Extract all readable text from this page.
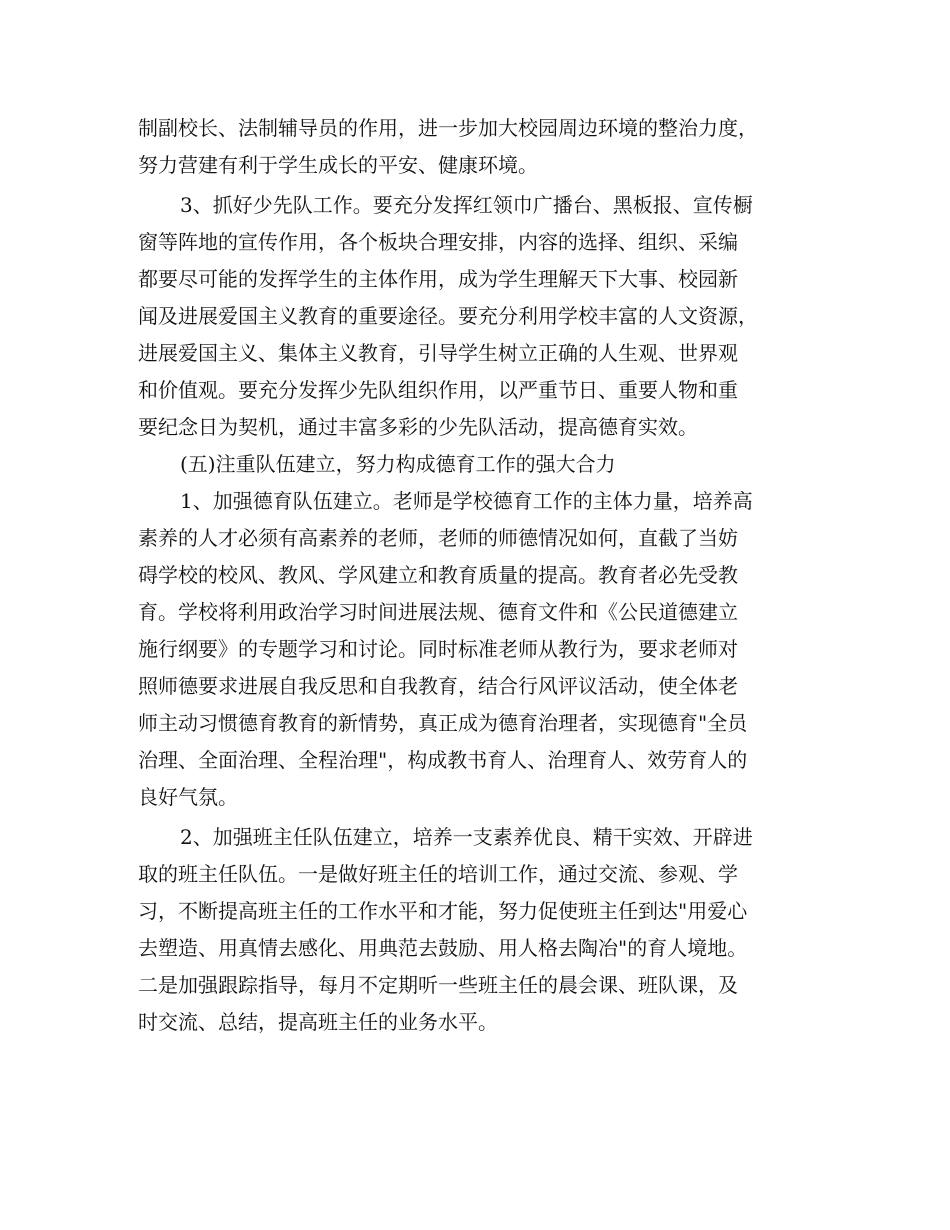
制副校长、法制辅导员的作用，进一步加大校园周边环境的整治力度，
努力营建有利于学生成长的平安、健康环境。
3、抓好少先队工作。要充分发挥红领巾广播台、黑板报、宣传橱
窗等阵地的宣传作用，各个板块合理安排，内容的选择、组织、采编
都要尽可能的发挥学生的主体作用，成为学生理解天下大事、校园新
闻及进展爱国主义教育的重要途径。要充分利用学校丰富的人文资源，
进展爱国主义、集体主义教育，引导学生树立正确的人生观、世界观
和价值观。要充分发挥少先队组织作用，以严重节日、重要人物和重
要纪念日为契机，通过丰富多彩的少先队活动，提高德育实效。
(五)注重队伍建立，努力构成德育工作的强大合力
1、加强德育队伍建立。老师是学校德育工作的主体力量，培养高
素养的人才必须有高素养的老师，老师的师德情况如何，直截了当妨
碍学校的校风、教风、学风建立和教育质量的提高。教育者必先受教
育。学校将利用政治学习时间进展法规、德育文件和《公民道德建立
施行纲要》的专题学习和讨论。同时标准老师从教行为，要求老师对
照师德要求进展自我反思和自我教育，结合行风评议活动，使全体老
师主动习惯德育教育的新情势，真正成为德育治理者，实现德育"全员
治理、全面治理、全程治理"，构成教书育人、治理育人、效劳育人的
良好气氛。
2、加强班主任队伍建立，培养一支素养优良、精干实效、开辟进
取的班主任队伍。一是做好班主任的培训工作，通过交流、参观、学
习，不断提高班主任的工作水平和才能，努力促使班主任到达"用爱心
去塑造、用真情去感化、用典范去鼓励、用人格去陶冶"的育人境地。
二是加强跟踪指导，每月不定期听一些班主任的晨会课、班队课，及
时交流、总结，提高班主任的业务水平。
